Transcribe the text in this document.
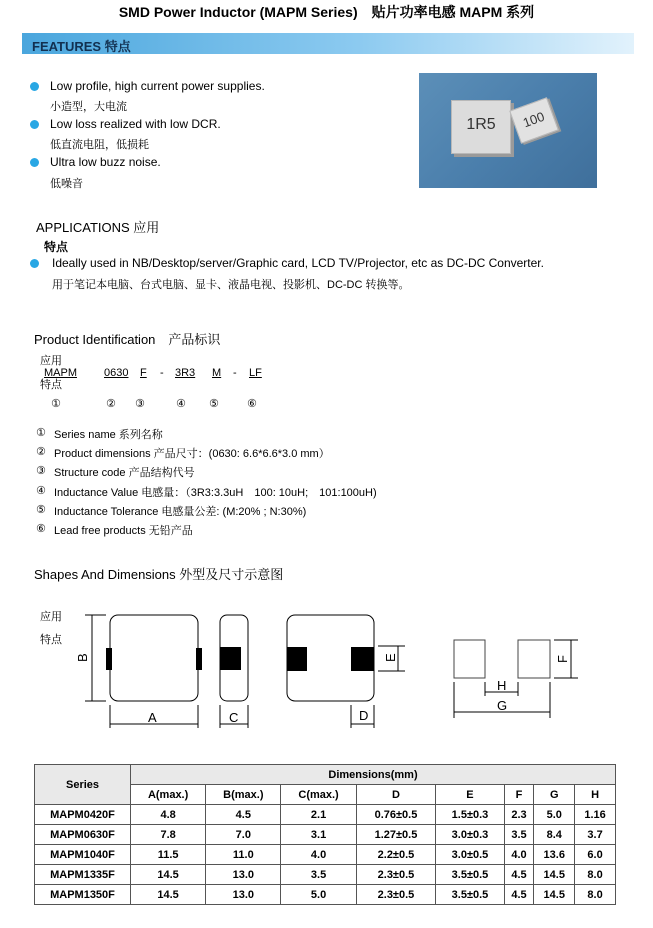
SMD Power Inductor (MAPM Series)　贴片功率电感 MAPM 系列
FEATURES 特点
Low profile, high current power supplies.
小造型，大电流
Low loss realized with low DCR.
低直流电阻，低损耗
Ultra low buzz noise.
低噪音
1R5	100
APPLICATIONS 应用
特点
Ideally used in NB/Desktop/server/Graphic card, LCD TV/Projector, etc as DC-DC Converter.
用于笔记本电脑、台式电脑、显卡、液晶电视、投影机、DC-DC 转换等。
Product Identification　产品标识
应用
特点
MAPM 0630 F - 3R3 M - LF
①	② ③	④ ⑤	⑥
① Series name 系列名称
② Product dimensions 产品尺寸：(0630: 6.6*6.6*3.0 mm）
③ Structure code 产品结构代号
④ Inductance Value 电感量：（3R3:3.3uH　100: 10uH;　101:100uH)
⑤ Inductance Tolerance 电感量公差: (M:20% ; N:30%)
⑥ Lead free products 无铅产品
Shapes And Dimensions 外型及尺寸示意图
应用
特点
A
B
C	D
E	F
G
H
Series	Dimensions(mm)							
	A(max.)	B(max.)	C(max.)	D	E	F	G	H
MAPM0420F	4.8	4.5	2.1	0.76±0.5	1.5±0.3	2.3	5.0	1.16
MAPM0630F	7.8	7.0	3.1	1.27±0.5	3.0±0.3	3.5	8.4	3.7
MAPM1040F	11.5	11.0	4.0	2.2±0.5	3.0±0.5	4.0	13.6	6.0
MAPM1335F	14.5	13.0	3.5	2.3±0.5	3.5±0.5	4.5	14.5	8.0
MAPM1350F	14.5	13.0	5.0	2.3±0.5	3.5±0.5	4.5	14.5	8.0
